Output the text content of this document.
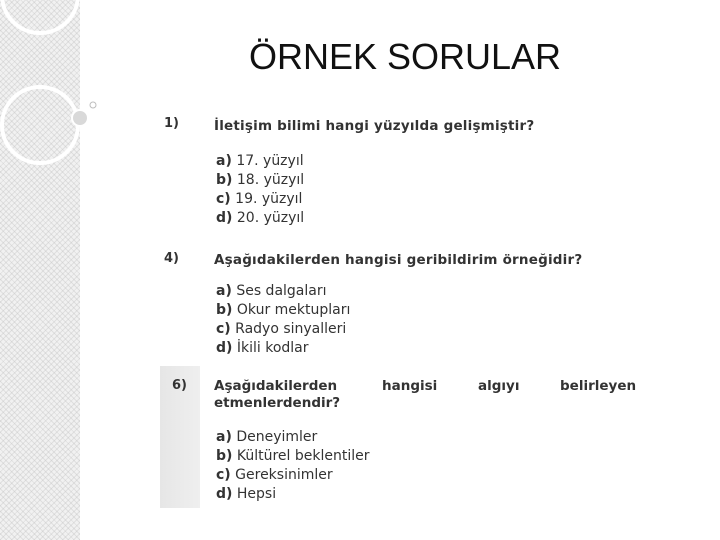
ÖRNEK SORULAR
1)	İletişim bilimi hangi yüzyılda gelişmiştir?
a) 17. yüzyıl
b) 18. yüzyıl
c) 19. yüzyıl
d) 20. yüzyıl
4)	Aşağıdakilerden hangisi geribildirim örneğidir?
a) Ses dalgaları
b) Okur mektupları
c) Radyo sinyalleri
d) İkili kodlar
6) Aşağıdakilerden	hangisi	algıyı	belirleyen
etmenlerdendir?
a) Deneyimler
b) Kültürel beklentiler
c) Gereksinimler
d) Hepsi
